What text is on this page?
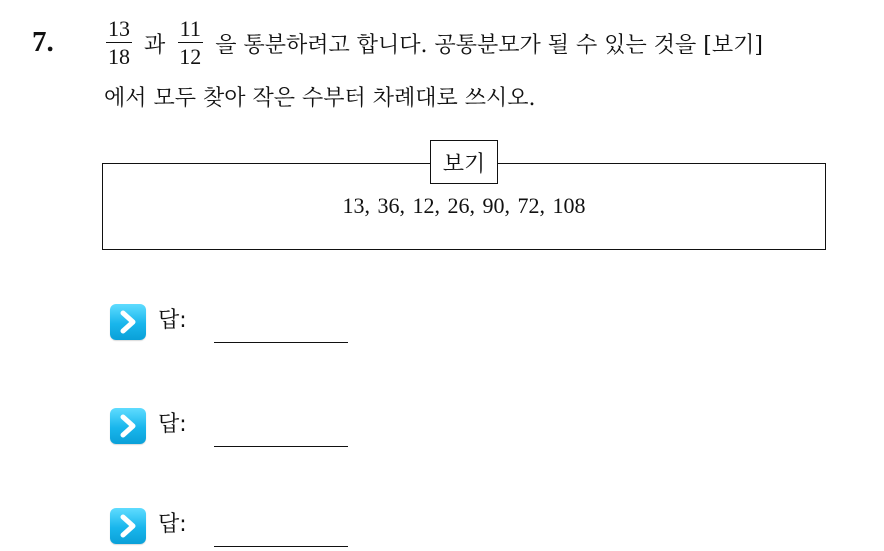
7. $\frac{13}{18}$ 과 $\frac{11}{12}$ 을 통분하려고 합니다. 공통분모가 될 수 있는 것을 [보기]
에서 모두 찾아 작은 수부터 차례대로 쓰시오.
보기
13, 36, 12, 26, 90, 72, 108
답:
답:
답:
